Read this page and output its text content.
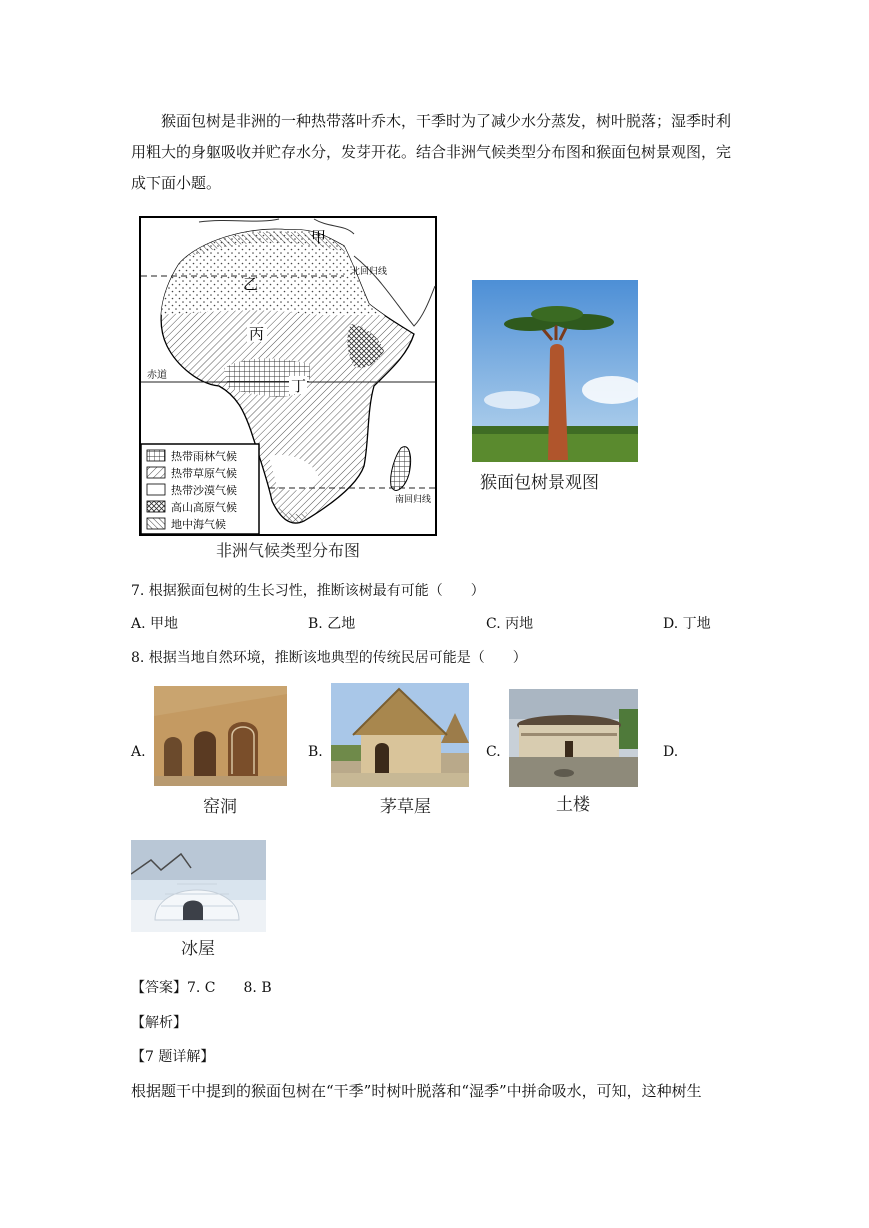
猴面包树是非洲的一种热带落叶乔木，干季时为了减少水分蒸发，树叶脱落；湿季时利用粗大的身躯吸收并贮存水分，发芽开花。结合非洲气候类型分布图和猴面包树景观图，完成下面小题。
甲
乙
丙
丁
北回归线
赤道
南回归线
热带雨林气候
热带草原气候
热带沙漠气候
高山高原气候
地中海气候
非洲气候类型分布图
猴面包树景观图
7. 根据猴面包树的生长习性，推断该树最有可能（　　）
A. 甲地	B. 乙地	C. 丙地	D. 丁地
8. 根据当地自然环境，推断该地典型的传统民居可能是（　　）
A.
窑洞
B.
茅草屋
C.
土楼
D.
冰屋
【答案】7. C　　8. B
【解析】
【7 题详解】
根据题干中提到的猴面包树在“干季”时树叶脱落和“湿季”中拼命吸水，可知，这种树生
